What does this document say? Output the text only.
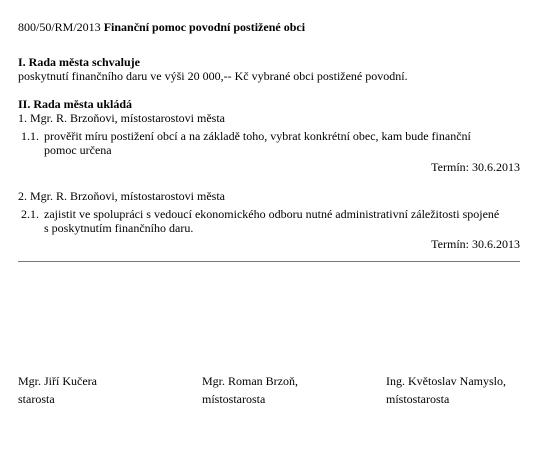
800/50/RM/2013 Finanční pomoc povodní postižené obci
I. Rada města schvaluje
poskytnutí finančního daru ve výši 20 000,-- Kč vybrané obci postižené povodní.
II. Rada města ukládá
1. Mgr. R. Brzoňovi, místostarostovi města
1.1. prověřit míru postižení obcí a na základě toho, vybrat konkrétní obec, kam bude finanční
pomoc určena
Termín: 30.6.2013
2. Mgr. R. Brzoňovi, místostarostovi města
2.1. zajistit ve spolupráci s vedoucí ekonomického odboru nutné administrativní záležitosti spojené
s poskytnutím finančního daru.
Termín: 30.6.2013
Mgr. Jiří Kučera
starosta
Mgr. Roman Brzoň,
místostarosta
Ing. Květoslav Namyslo,
místostarosta
